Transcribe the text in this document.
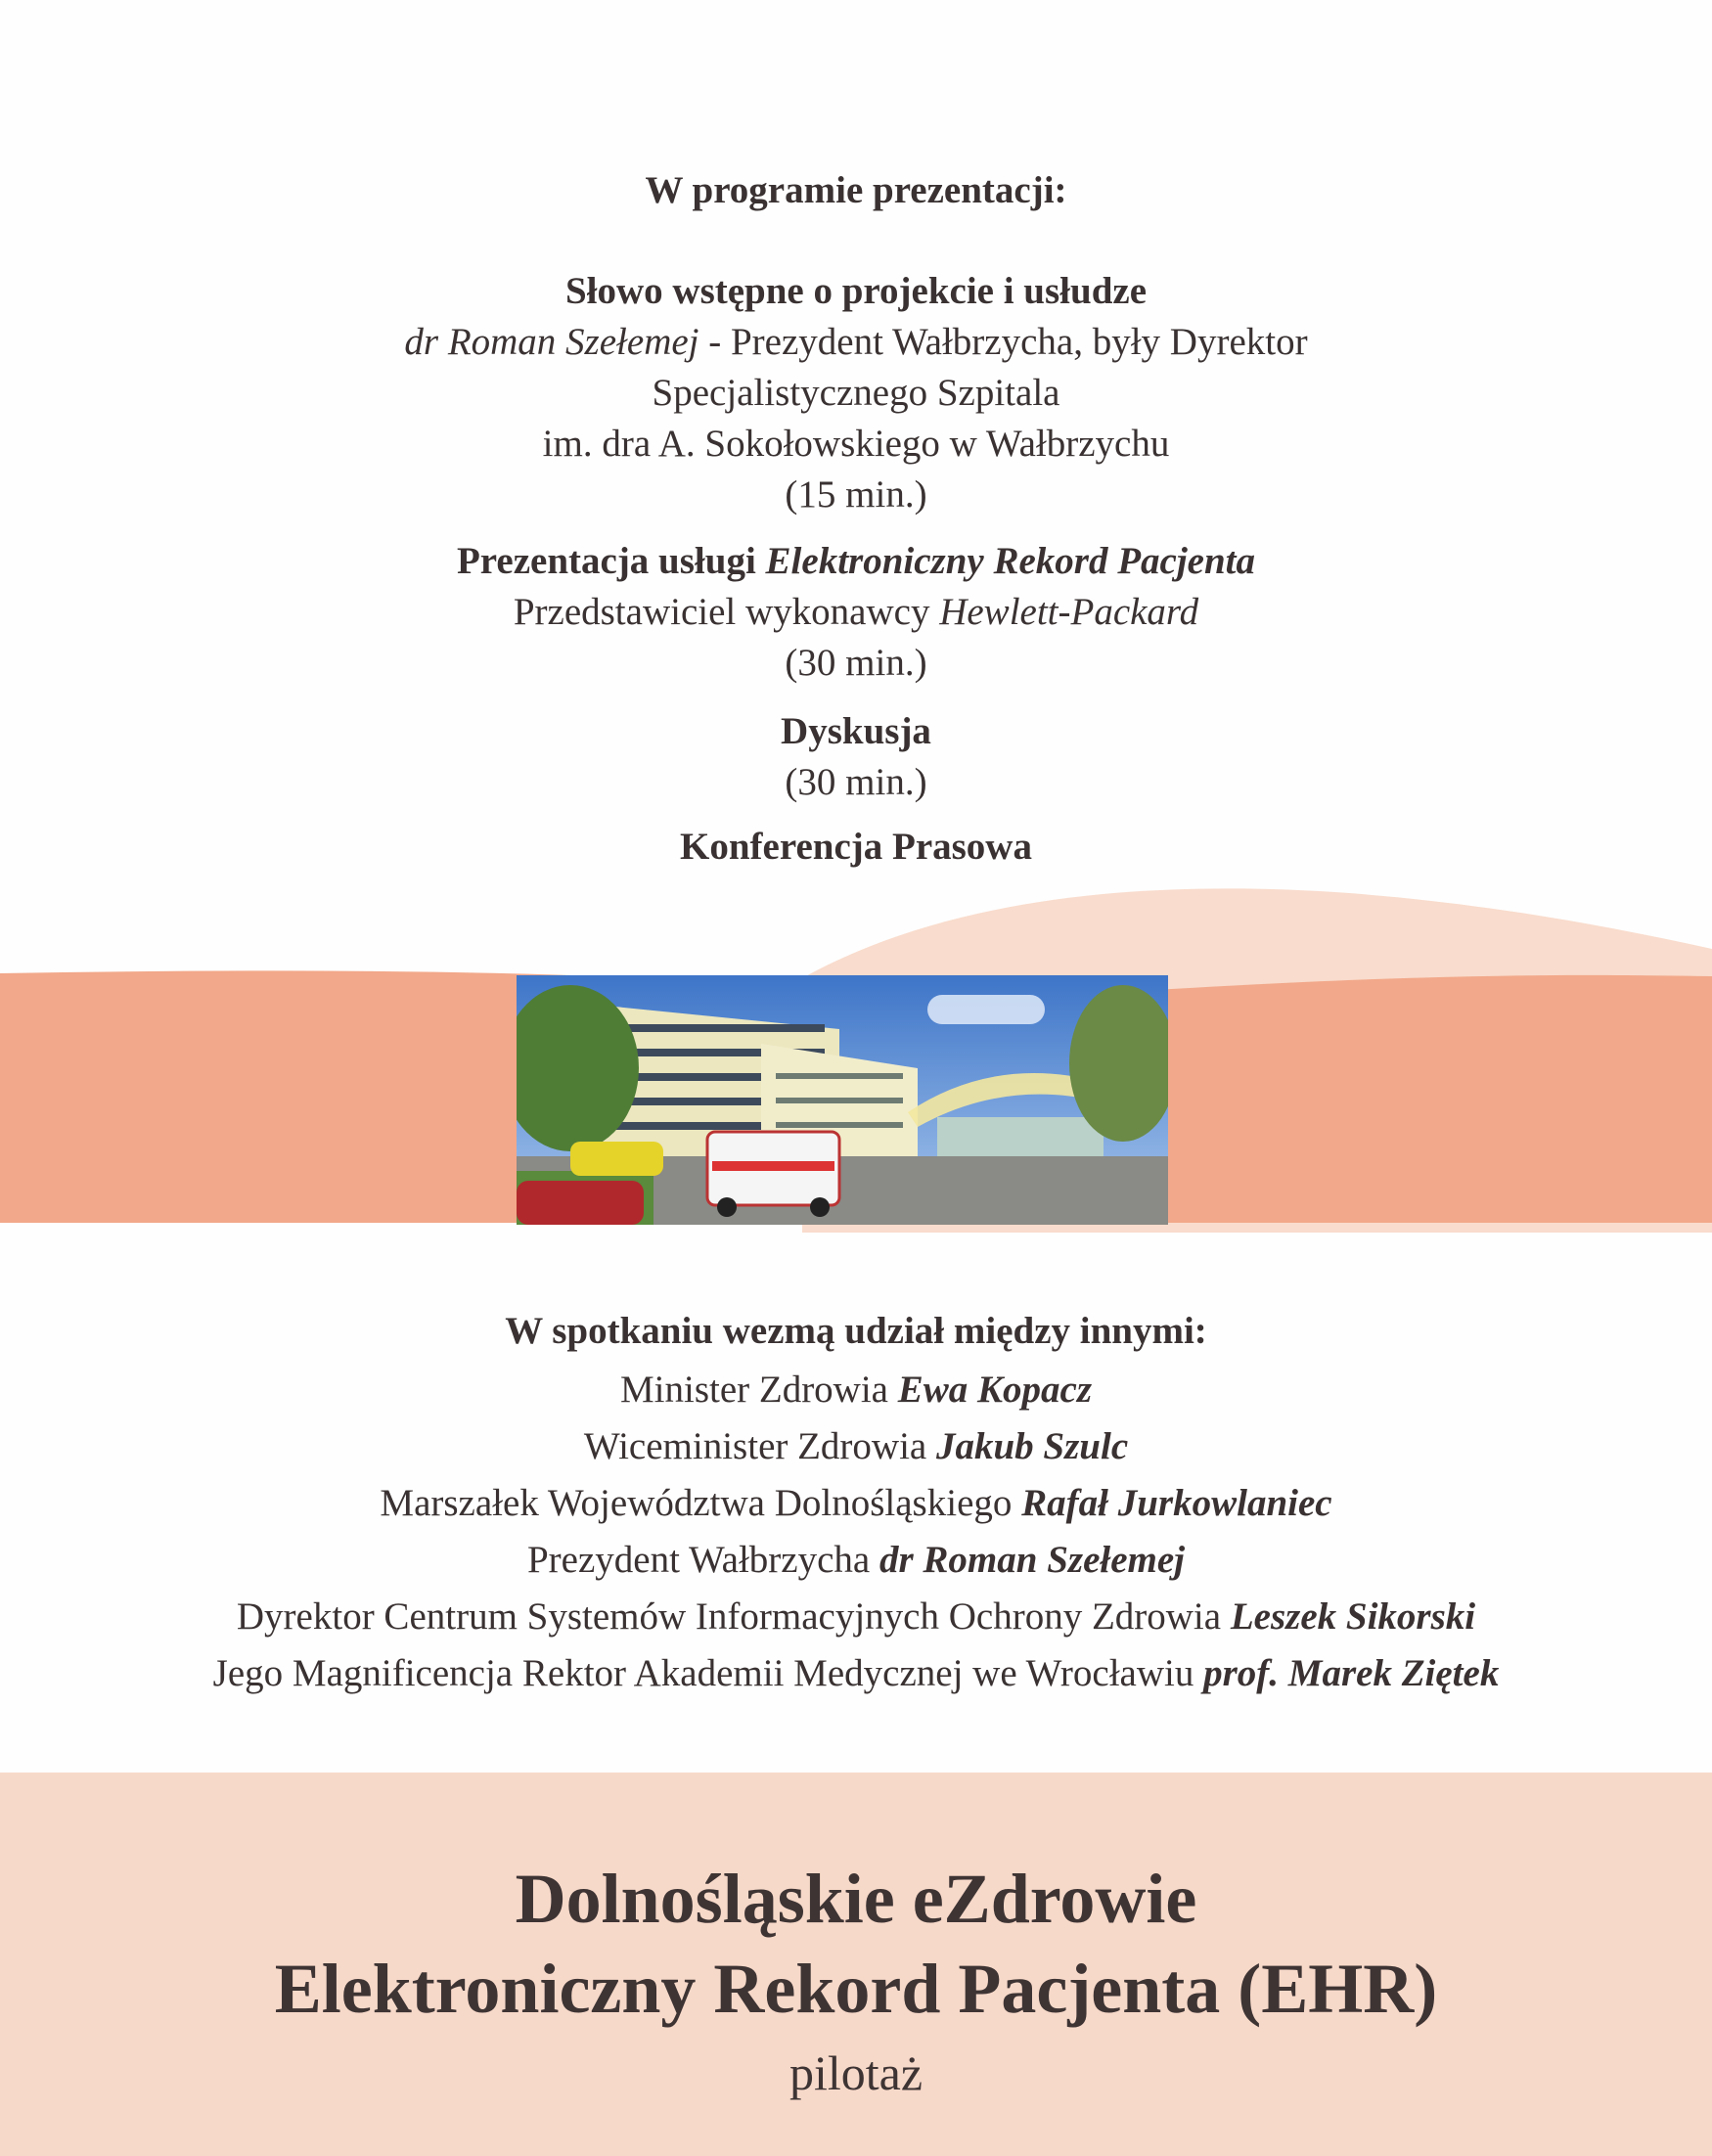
W programie prezentacji:
Słowo wstępne o projekcie i usłudze
dr Roman Szełemej - Prezydent Wałbrzycha, były Dyrektor
Specjalistycznego Szpitala
im. dra A. Sokołowskiego w Wałbrzychu
(15 min.)
Prezentacja usługi Elektroniczny Rekord Pacjenta
Przedstawiciel wykonawcy Hewlett-Packard
(30 min.)
Dyskusja
(30 min.)
Konferencja Prasowa
W spotkaniu wezmą udział między innymi:
Minister Zdrowia Ewa Kopacz
Wiceminister Zdrowia Jakub Szulc
Marszałek Województwa Dolnośląskiego Rafał Jurkowlaniec
Prezydent Wałbrzycha dr Roman Szełemej
Dyrektor Centrum Systemów Informacyjnych Ochrony Zdrowia Leszek Sikorski
Jego Magnificencja Rektor Akademii Medycznej we Wrocławiu prof. Marek Ziętek
Dolnośląskie eZdrowie
Elektroniczny Rekord Pacjenta (EHR)
pilotaż
